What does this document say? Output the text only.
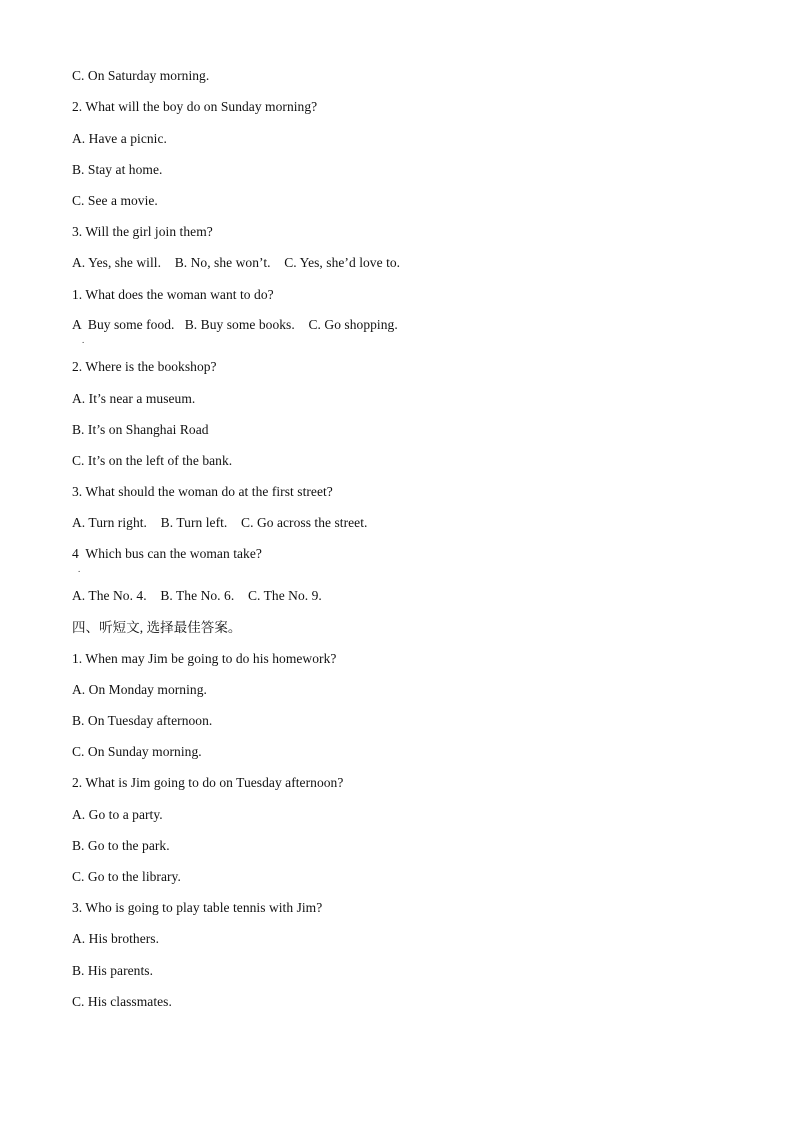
C. On Saturday morning.
2. What will the boy do on Sunday morning?
A. Have a picnic.
B. Stay at home.
C. See a movie.
3. Will the girl join them?
A. Yes, she will.    B. No, she won’t.    C. Yes, she’d love to.
1. What does the woman want to do?
A  Buy some food.   B. Buy some books.    C. Go shopping.
.
2. Where is the bookshop?
A. It’s near a museum.
B. It’s on Shanghai Road
C. It’s on the left of the bank.
3. What should the woman do at the first street?
A. Turn right.    B. Turn left.    C. Go across the street.
4  Which bus can the woman take?
.
A. The No. 4.    B. The No. 6.    C. The No. 9.
四、听短文, 选择最佳答案。
1. When may Jim be going to do his homework?
A. On Monday morning.
B. On Tuesday afternoon.
C. On Sunday morning.
2. What is Jim going to do on Tuesday afternoon?
A. Go to a party.
B. Go to the park.
C. Go to the library.
3. Who is going to play table tennis with Jim?
A. His brothers.
B. His parents.
C. His classmates.
